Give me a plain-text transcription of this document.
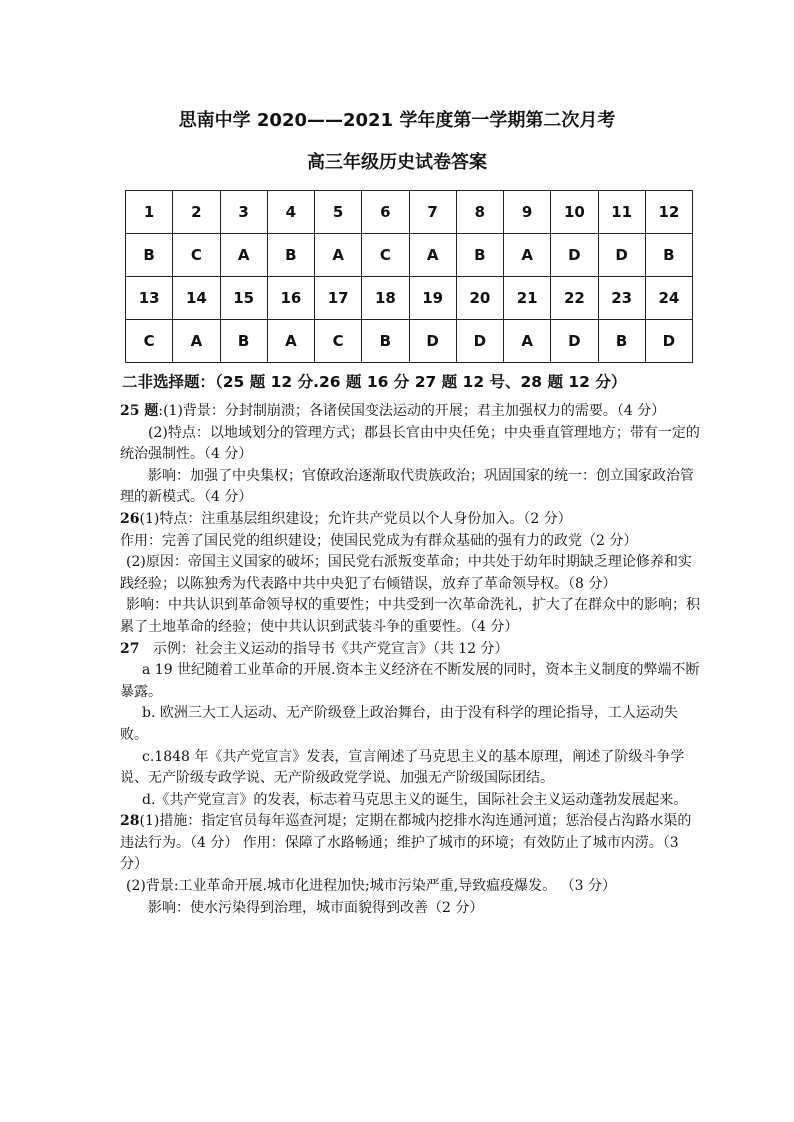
思南中学 2020——2021 学年度第一学期第二次月考
高三年级历史试卷答案
1	2	3	4	5	6	7	8	9	10	11	12
B	C	A	B	A	C	A	B	A	D	D	B
13	14	15	16	17	18	19	20	21	22	23	24
C	A	B	A	C	B	D	D	A	D	B	D
二非选择题：（25 题 12 分.26 题 16 分 27 题 12 号、28 题 12 分）

25 题:(1)背景：分封制崩溃；各诸侯国变法运动的开展；君主加强权力的需要。（4 分）

(2)特点：以地域划分的管理方式；郡县长官由中央任免；中央垂直管理地方；带有一定的统治强制性。（4 分）

影响：加强了中央集权；官僚政治逐渐取代贵族政治；巩固国家的统一：创立国家政治管理的新模式。（4 分）

26(1)特点：注重基层组织建设；允许共产党员以个人身份加入。（2 分）

作用：完善了国民党的组织建设；使国民党成为有群众基础的强有力的政党（2 分）

(2)原因：帝国主义国家的破坏；国民党右派叛变革命；中共处于幼年时期缺乏理论修养和实践经验；以陈独秀为代表路中共中央犯了右倾错误，放弃了革命领导权。（8 分）

影响：中共认识到革命领导权的重要性；中共受到一次革命洗礼，扩大了在群众中的影响；积累了土地革命的经验；使中共认识到武装斗争的重要性。（4 分）

27 示例：社会主义运动的指导书《共产党宣言》（共 12 分）

a 19 世纪随着工业革命的开展.资本主义经济在不断发展的同时，资本主义制度的弊端不断暴露。

b. 欧洲三大工人运动、无产阶级登上政治舞台，由于没有科学的理论指导，工人运动失败。

c.1848 年《共产党宣言》发表，宣言阐述了马克思主义的基本原理，阐述了阶级斗争学说、无产阶级专政学说、无产阶级政党学说、加强无产阶级国际团结。

d.《共产党宣言》的发表，标志着马克思主义的诞生，国际社会主义运动蓬勃发展起来。

28(1)措施：指定官员每年巡查河堤；定期在都城内挖排水沟连通河道；惩治侵占沟路水渠的违法行为。（4 分） 作用：保障了水路畅通；维护了城市的环境；有效防止了城市内涝。（3 分）

(2)背景:工业革命开展.城市化进程加快;城市污染严重,导致瘟疫爆发。 （3 分）

影响：使水污染得到治理，城市面貌得到改善（2 分）
